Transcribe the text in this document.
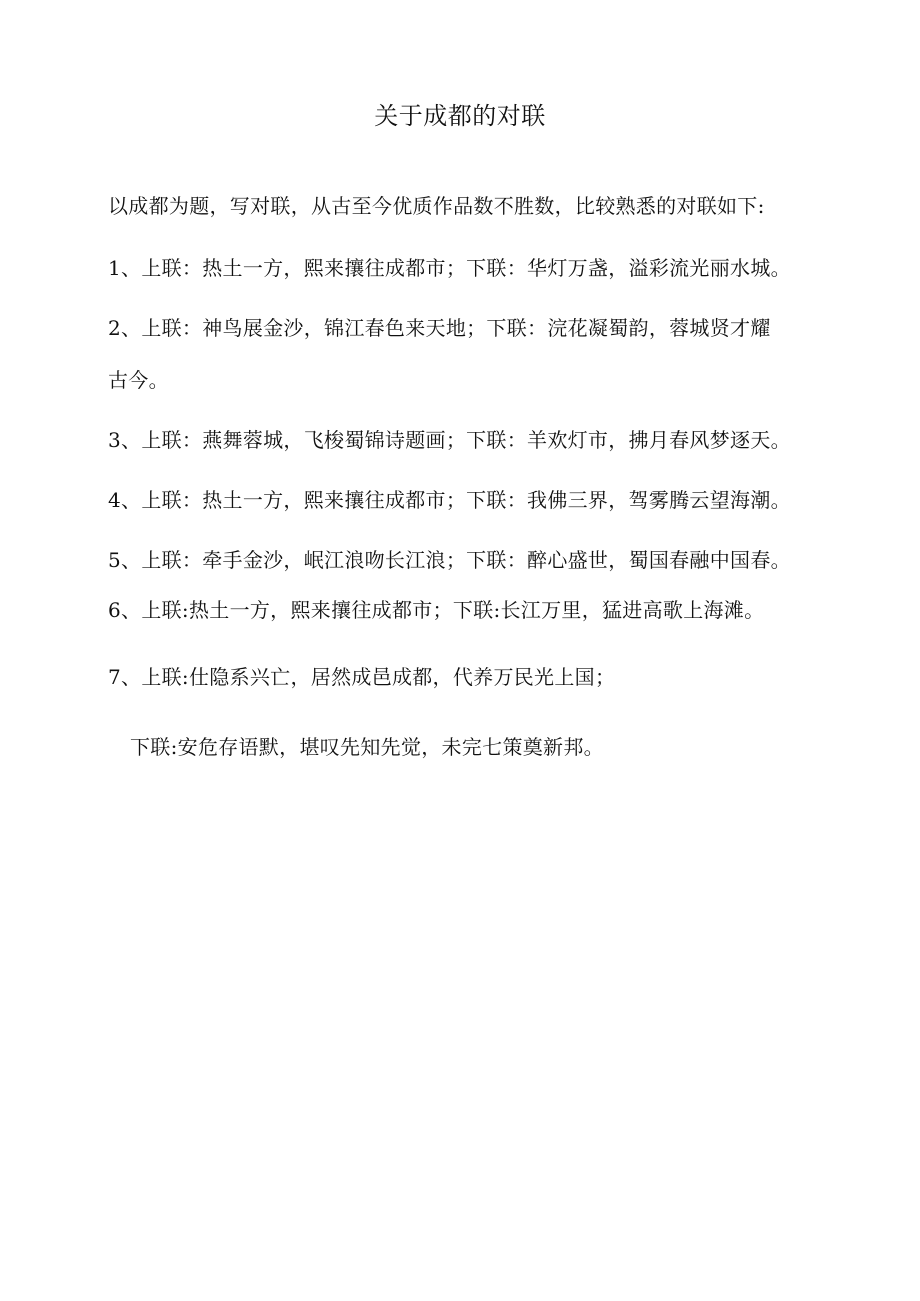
关于成都的对联
以成都为题，写对联，从古至今优质作品数不胜数，比较熟悉的对联如下:
1、上联：热土一方，熙来攘往成都市；下联：华灯万盏，溢彩流光丽水城。
2、上联：神鸟展金沙，锦江春色来天地；下联：浣花凝蜀韵，蓉城贤才耀
古今。
3、上联：燕舞蓉城，飞梭蜀锦诗题画；下联：羊欢灯市，拂月春风梦逐天。
4、上联：热土一方，熙来攘往成都市；下联：我佛三界，驾雾腾云望海潮。
5、上联：牵手金沙，岷江浪吻长江浪；下联：醉心盛世，蜀国春融中国春。
6、上联:热土一方，熙来攘往成都市；下联:长江万里，猛进高歌上海滩。
7、上联:仕隐系兴亡，居然成邑成都，代养万民光上国；
下联:安危存语默，堪叹先知先觉，未完七策奠新邦。
